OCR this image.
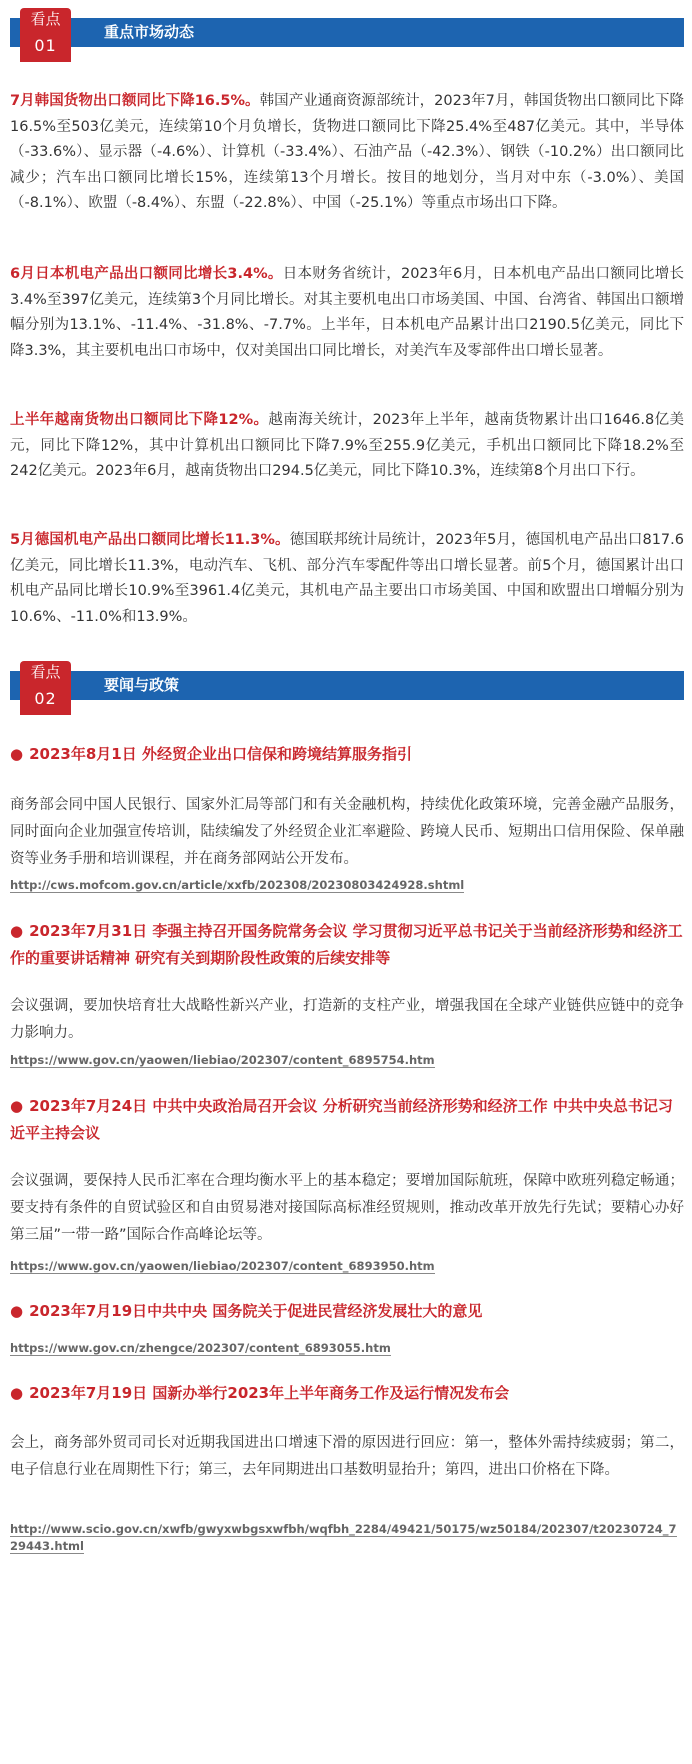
重点市场动态
看点
01
7月韩国货物出口额同比下降16.5%。韩国产业通商资源部统计，2023年7月，韩国货物出口额同比下降16.5%至503亿美元，连续第10个月负增长，货物进口额同比下降25.4%至487亿美元。其中，半导体（-33.6%）、显示器（-4.6%）、计算机（-33.4%）、石油产品（-42.3%）、钢铁（-10.2%）出口额同比减少；汽车出口额同比增长15%，连续第13个月增长。按目的地划分，当月对中东（-3.0%）、美国（-8.1%）、欧盟（-8.4%）、东盟（-22.8%）、中国（-25.1%）等重点市场出口下降。
6月日本机电产品出口额同比增长3.4%。日本财务省统计，2023年6月，日本机电产品出口额同比增长3.4%至397亿美元，连续第3个月同比增长。对其主要机电出口市场美国、中国、台湾省、韩国出口额增幅分别为13.1%、-11.4%、-31.8%、-7.7%。上半年，日本机电产品累计出口2190.5亿美元，同比下降3.3%，其主要机电出口市场中，仅对美国出口同比增长，对美汽车及零部件出口增长显著。
上半年越南货物出口额同比下降12%。越南海关统计，2023年上半年，越南货物累计出口1646.8亿美元，同比下降12%，其中计算机出口额同比下降7.9%至255.9亿美元，手机出口额同比下降18.2%至242亿美元。2023年6月，越南货物出口294.5亿美元，同比下降10.3%，连续第8个月出口下行。
5月德国机电产品出口额同比增长11.3%。德国联邦统计局统计，2023年5月，德国机电产品出口817.6亿美元，同比增长11.3%，电动汽车、飞机、部分汽车零配件等出口增长显著。前5个月，德国累计出口机电产品同比增长10.9%至3961.4亿美元，其机电产品主要出口市场美国、中国和欧盟出口增幅分别为10.6%、-11.0%和13.9%。
要闻与政策
看点
02
● 2023年8月1日 外经贸企业出口信保和跨境结算服务指引
商务部会同中国人民银行、国家外汇局等部门和有关金融机构，持续优化政策环境，完善金融产品服务，同时面向企业加强宣传培训，陆续编发了外经贸企业汇率避险、跨境人民币、短期出口信用保险、保单融资等业务手册和培训课程，并在商务部网站公开发布。
http://cws.mofcom.gov.cn/article/xxfb/202308/20230803424928.shtml
● 2023年7月31日 李强主持召开国务院常务会议 学习贯彻习近平总书记关于当前经济形势和经济工作的重要讲话精神 研究有关到期阶段性政策的后续安排等
会议强调，要加快培育壮大战略性新兴产业，打造新的支柱产业，增强我国在全球产业链供应链中的竞争力影响力。
https://www.gov.cn/yaowen/liebiao/202307/content_6895754.htm
● 2023年7月24日 中共中央政治局召开会议 分析研究当前经济形势和经济工作 中共中央总书记习近平主持会议
会议强调，要保持人民币汇率在合理均衡水平上的基本稳定；要增加国际航班，保障中欧班列稳定畅通；要支持有条件的自贸试验区和自由贸易港对接国际高标准经贸规则，推动改革开放先行先试；要精心办好第三届”一带一路”国际合作高峰论坛等。
https://www.gov.cn/yaowen/liebiao/202307/content_6893950.htm
● 2023年7月19日中共中央 国务院关于促进民营经济发展壮大的意见
https://www.gov.cn/zhengce/202307/content_6893055.htm
● 2023年7月19日 国新办举行2023年上半年商务工作及运行情况发布会
会上，商务部外贸司司长对近期我国进出口增速下滑的原因进行回应：第一，整体外需持续疲弱；第二，电子信息行业在周期性下行；第三，去年同期进出口基数明显抬升；第四，进出口价格在下降。
http://www.scio.gov.cn/xwfb/gwyxwbgsxwfbh/wqfbh_2284/49421/50175/wz50184/202307/t20230724_729443.html
